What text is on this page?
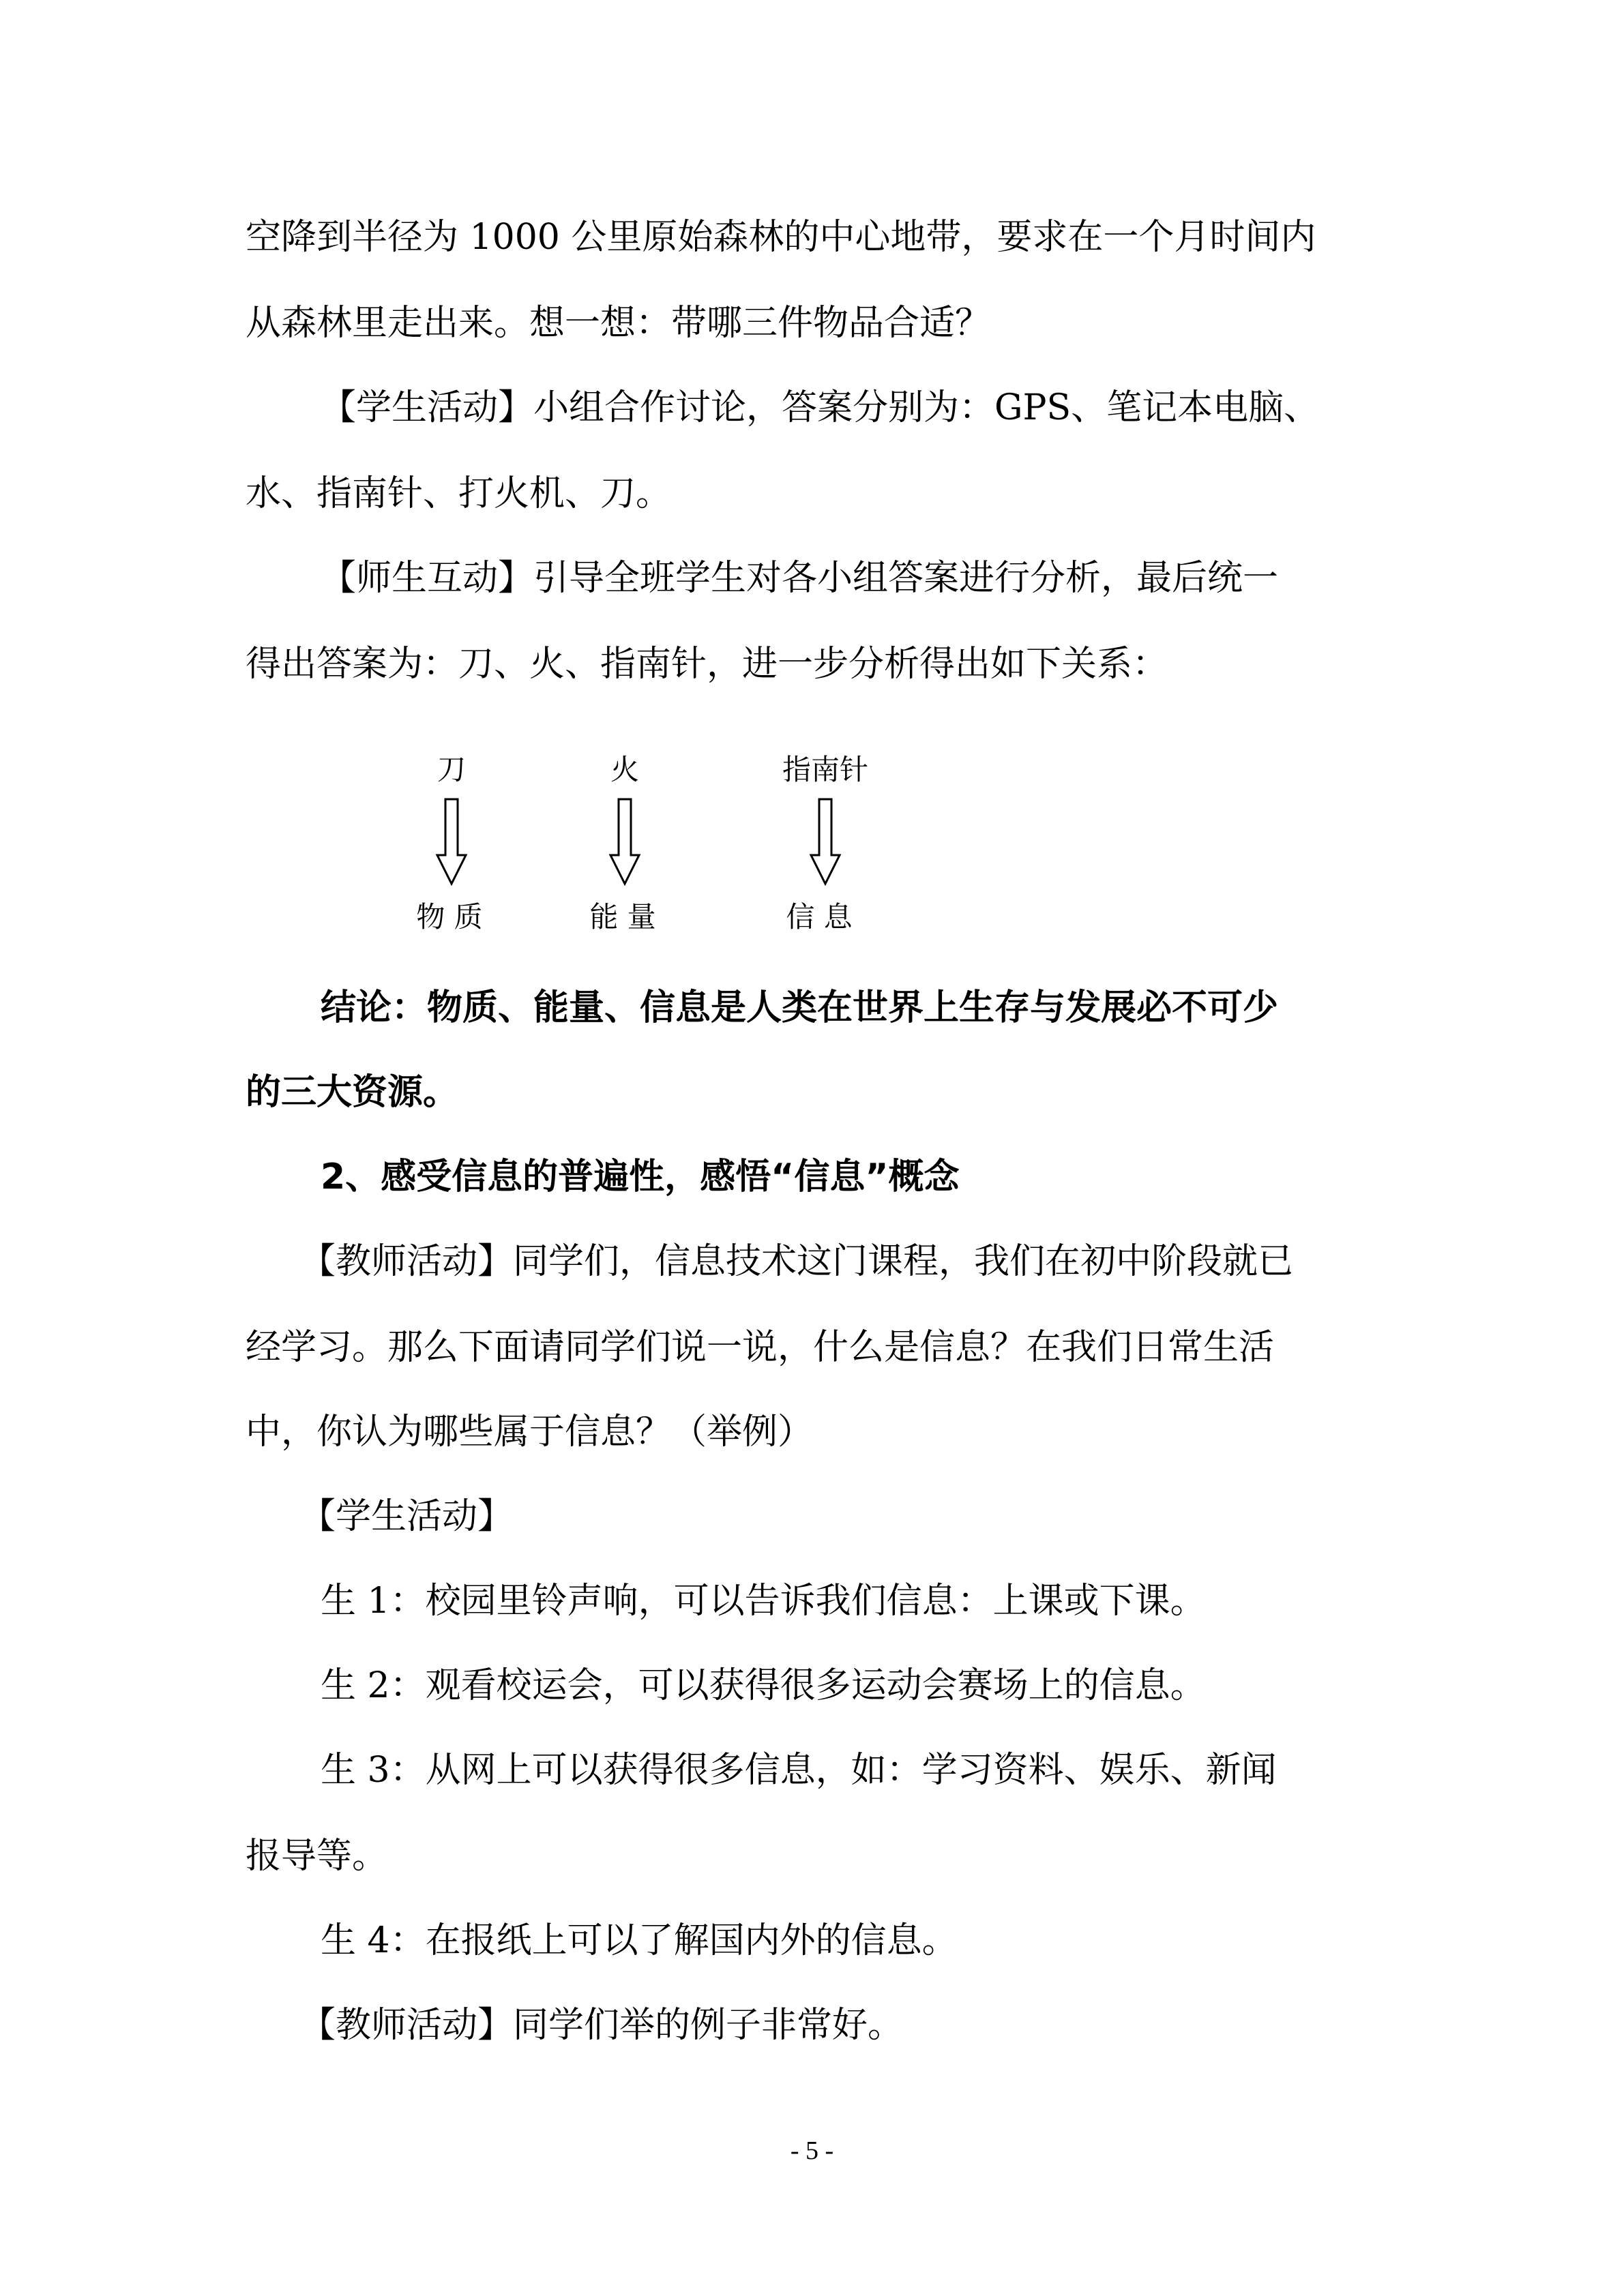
空降到半径为 1000 公里原始森林的中心地带，要求在一个月时间内
从森林里走出来。想一想：带哪三件物品合适？
【学生活动】小组合作讨论，答案分别为：GPS、笔记本电脑、
水、指南针、打火机、刀。
【师生互动】引导全班学生对各小组答案进行分析，最后统一
得出答案为：刀、火、指南针，进一步分析得出如下关系：
刀	火	指南针
物 质	能 量	信 息
结论：物质、能量、信息是人类在世界上生存与发展必不可少
的三大资源。
2、感受信息的普遍性，感悟“信息”概念
【教师活动】同学们，信息技术这门课程，我们在初中阶段就已
经学习。那么下面请同学们说一说，什么是信息？在我们日常生活
中，你认为哪些属于信息？（举例）
【学生活动】
生 1：校园里铃声响，可以告诉我们信息：上课或下课。
生 2：观看校运会，可以获得很多运动会赛场上的信息。
生 3：从网上可以获得很多信息，如：学习资料、娱乐、新闻
报导等。
生 4：在报纸上可以了解国内外的信息。
【教师活动】同学们举的例子非常好。
- 5 -
